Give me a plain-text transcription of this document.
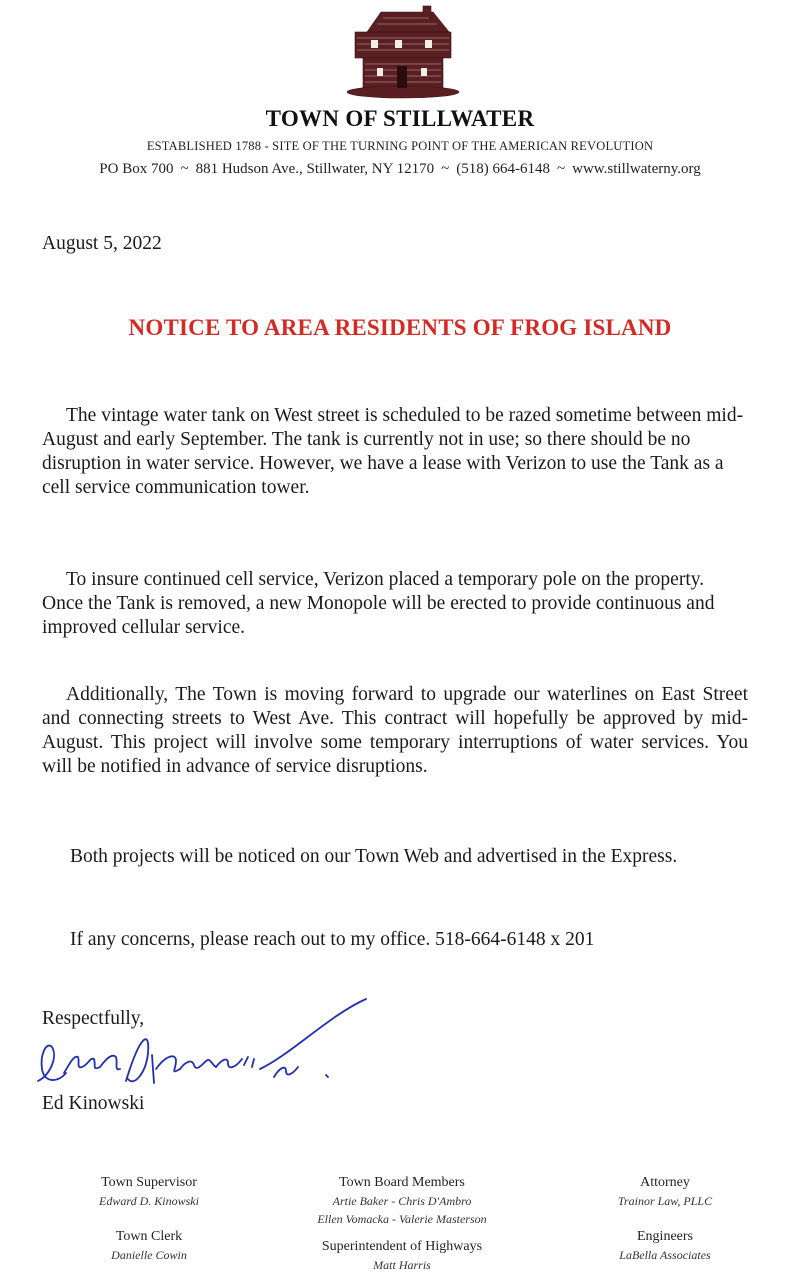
TOWN OF STILLWATER
ESTABLISHED 1788 - SITE OF THE TURNING POINT OF THE AMERICAN REVOLUTION
PO Box 700 ~ 881 Hudson Ave., Stillwater, NY 12170 ~ (518) 664-6148 ~ www.stillwaterny.org
August 5, 2022
NOTICE TO AREA RESIDENTS OF FROG ISLAND
The vintage water tank on West street is scheduled to be razed sometime between mid-August and early September. The tank is currently not in use; so there should be no disruption in water service. However, we have a lease with Verizon to use the Tank as a cell service communication tower.
To insure continued cell service, Verizon placed a temporary pole on the property. Once the Tank is removed, a new Monopole will be erected to provide continuous and improved cellular service.
Additionally, The Town is moving forward to upgrade our waterlines on East Street and connecting streets to West Ave. This contract will hopefully be approved by mid-August. This project will involve some temporary interruptions of water services. You will be notified in advance of service disruptions.
Both projects will be noticed on our Town Web and advertised in the Express.
If any concerns, please reach out to my office. 518-664-6148 x 201
Respectfully,
Ed Kinowski
Town Supervisor
Edward D. Kinowski
Town Clerk
Danielle Cowin
Town Board Members
Artie Baker - Chris D'Ambro
Ellen Vomacka - Valerie Masterson
Superintendent of Highways
Matt Harris
Attorney
Trainor Law, PLLC
Engineers
LaBella Associates
